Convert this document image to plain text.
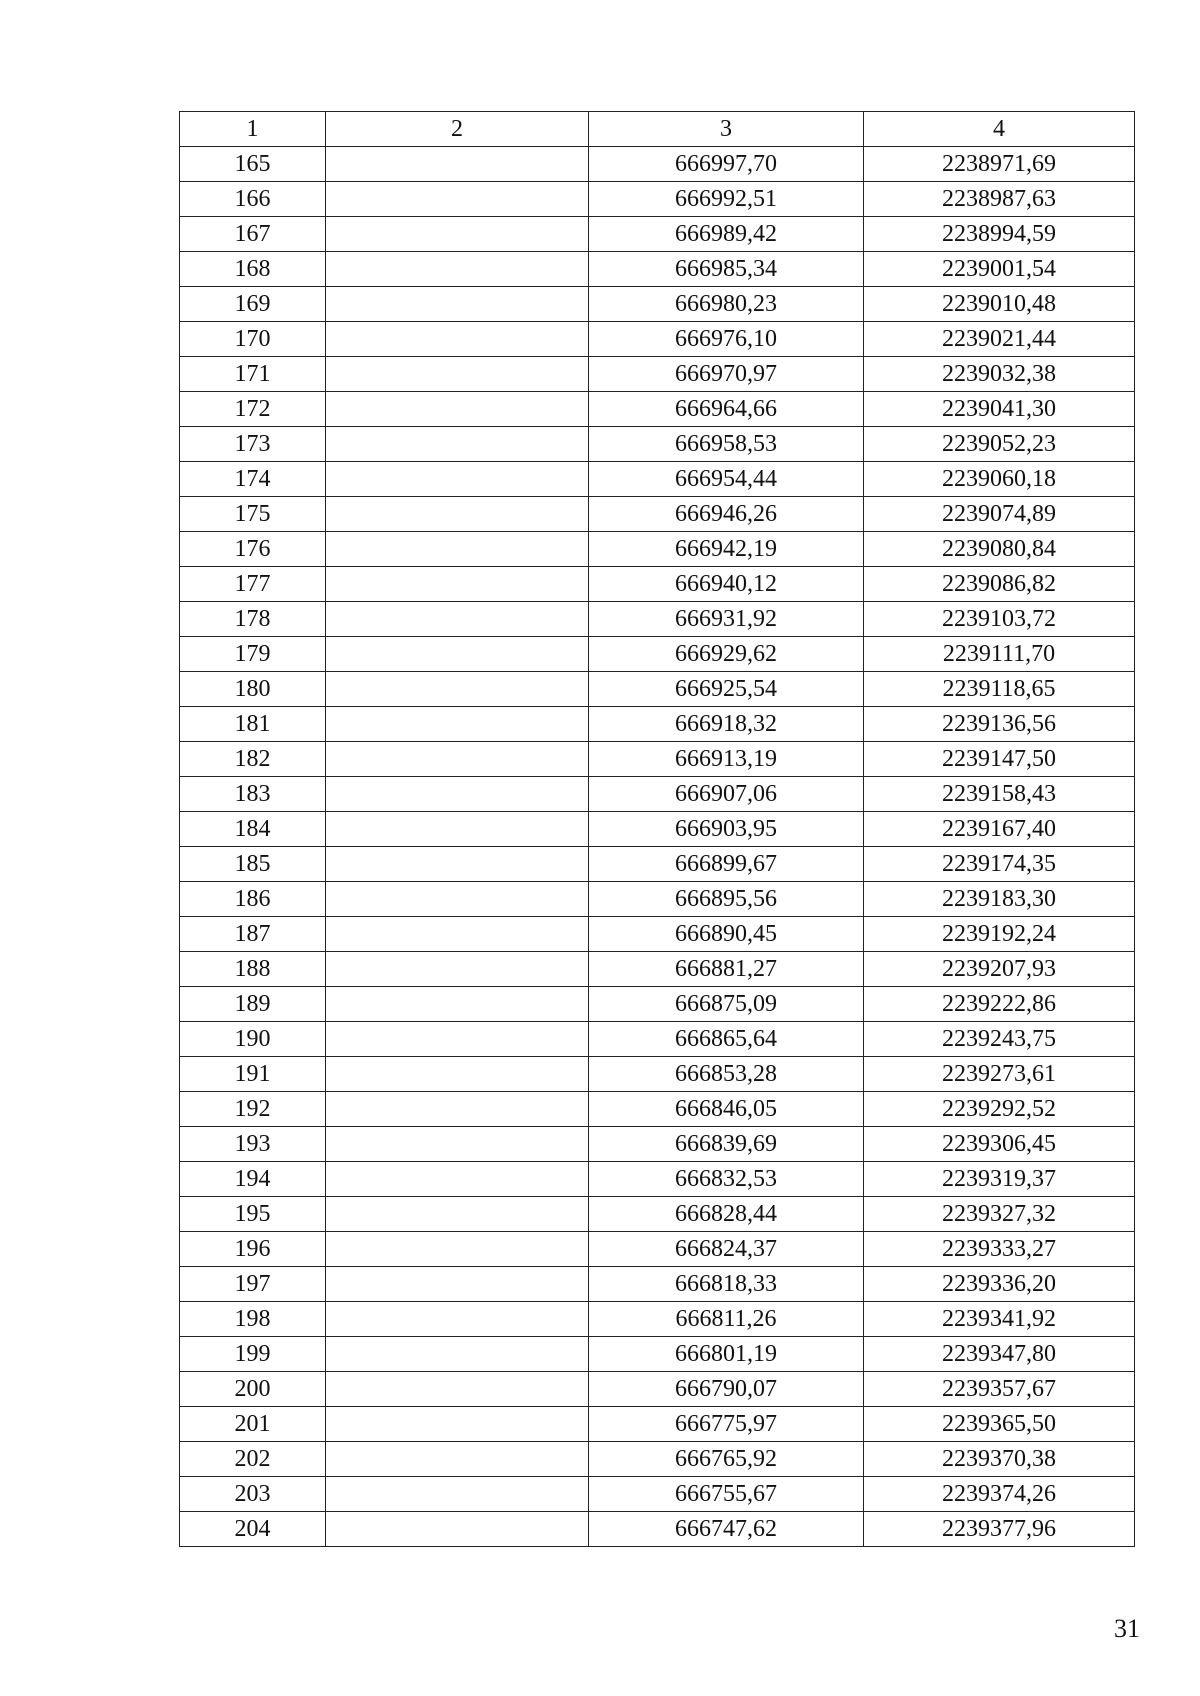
1	2	3	4
165		666997,70	2238971,69
166		666992,51	2238987,63
167		666989,42	2238994,59
168		666985,34	2239001,54
169		666980,23	2239010,48
170		666976,10	2239021,44
171		666970,97	2239032,38
172		666964,66	2239041,30
173		666958,53	2239052,23
174		666954,44	2239060,18
175		666946,26	2239074,89
176		666942,19	2239080,84
177		666940,12	2239086,82
178		666931,92	2239103,72
179		666929,62	2239111,70
180		666925,54	2239118,65
181		666918,32	2239136,56
182		666913,19	2239147,50
183		666907,06	2239158,43
184		666903,95	2239167,40
185		666899,67	2239174,35
186		666895,56	2239183,30
187		666890,45	2239192,24
188		666881,27	2239207,93
189		666875,09	2239222,86
190		666865,64	2239243,75
191		666853,28	2239273,61
192		666846,05	2239292,52
193		666839,69	2239306,45
194		666832,53	2239319,37
195		666828,44	2239327,32
196		666824,37	2239333,27
197		666818,33	2239336,20
198		666811,26	2239341,92
199		666801,19	2239347,80
200		666790,07	2239357,67
201		666775,97	2239365,50
202		666765,92	2239370,38
203		666755,67	2239374,26
204		666747,62	2239377,96
31
